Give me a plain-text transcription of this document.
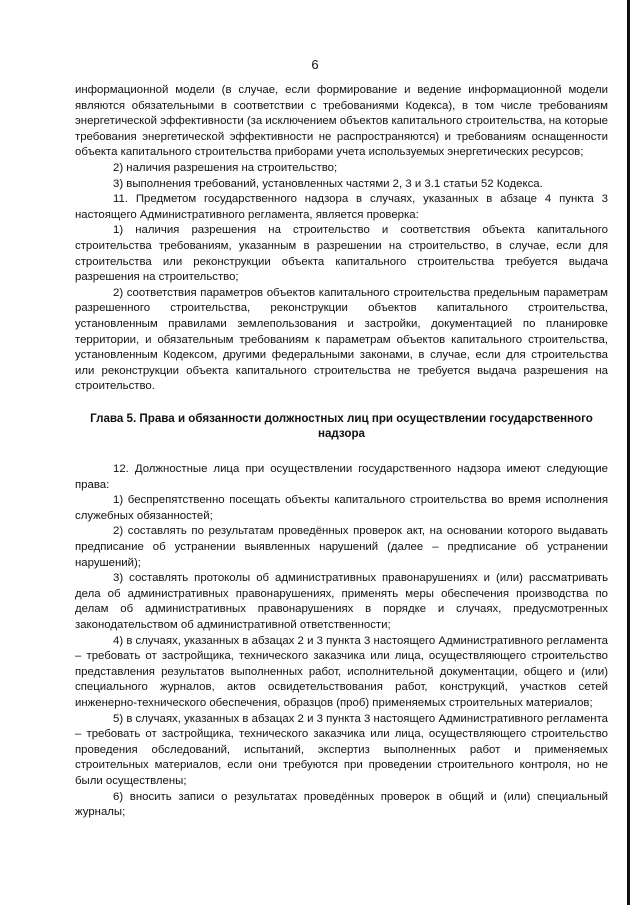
6

информационной модели (в случае, если формирование и ведение информационной модели являются обязательными в соответствии с требованиями Кодекса), в том числе требованиям энергетической эффективности (за исключением объектов капитального строительства, на которые требования энергетической эффективности не распространяются) и требованиям оснащенности объекта капитального строительства приборами учета используемых энергетических ресурсов;

2) наличия разрешения на строительство;

3) выполнения требований, установленных частями 2, 3 и 3.1 статьи 52 Кодекса.

11. Предметом государственного надзора в случаях, указанных в абзаце 4 пункта 3 настоящего Административного регламента, является проверка:

1) наличия разрешения на строительство и соответствия объекта капитального строительства требованиям, указанным в разрешении на строительство, в случае, если для строительства или реконструкции объекта капитального строительства требуется выдача разрешения на строительство;

2) соответствия параметров объектов капитального строительства предельным параметрам разрешенного строительства, реконструкции объектов капитального строительства, установленным правилами землепользования и застройки, документацией по планировке территории, и обязательным требованиям к параметрам объектов капитального строительства, установленным Кодексом, другими федеральными законами, в случае, если для строительства или реконструкции объекта капитального строительства не требуется выдача разрешения на строительство.

Глава 5. Права и обязанности должностных лиц при осуществлении государственного надзора

12. Должностные лица при осуществлении государственного надзора имеют следующие права:

1) беспрепятственно посещать объекты капитального строительства во время исполнения служебных обязанностей;

2) составлять по результатам проведённых проверок акт, на основании которого выдавать предписание об устранении выявленных нарушений (далее – предписание об устранении нарушений);

3) составлять протоколы об административных правонарушениях и (или) рассматривать дела об административных правонарушениях, применять меры обеспечения производства по делам об административных правонарушениях в порядке и случаях, предусмотренных законодательством об административной ответственности;

4) в случаях, указанных в абзацах 2 и 3 пункта 3 настоящего Административного регламента – требовать от застройщика, технического заказчика или лица, осуществляющего строительство представления результатов выполненных работ, исполнительной документации, общего и (или) специального журналов, актов освидетельствования работ, конструкций, участков сетей инженерно-технического обеспечения, образцов (проб) применяемых строительных материалов;

5) в случаях, указанных в абзацах 2 и 3 пункта 3 настоящего Административного регламента – требовать от застройщика, технического заказчика или лица, осуществляющего строительство проведения обследований, испытаний, экспертиз выполненных работ и применяемых строительных материалов, если они требуются при проведении строительного контроля, но не были осуществлены;

6) вносить записи о результатах проведённых проверок в общий и (или) специальный журналы;
